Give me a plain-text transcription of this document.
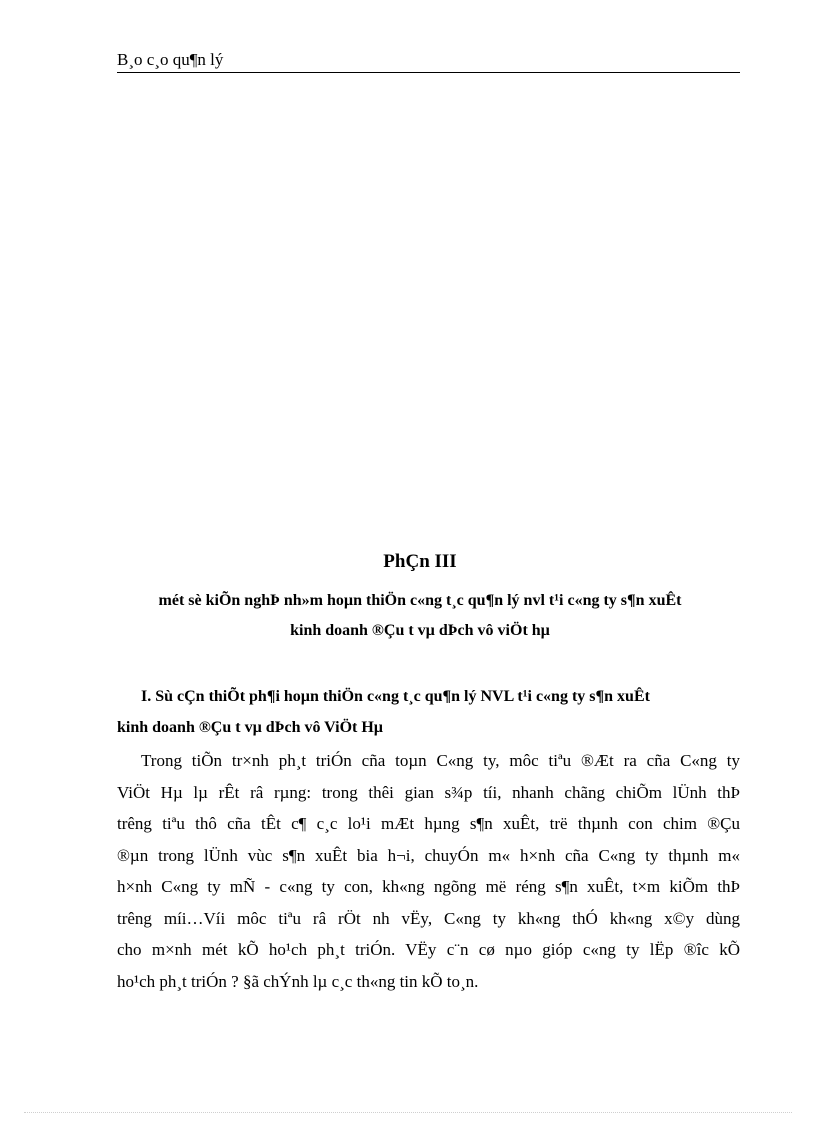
B¸o c¸o qu¶n lý
PhÇn III
mét sè kiÕn nghÞ nh»m hoµn thiÖn c«ng t¸c qu¶n lý nvl t¹i c«ng ty s¶n xuÊt
kinh doanh ®Çu t vµ dÞch vô viÖt hµ
I. Sù cÇn thiÕt ph¶i hoµn thiÖn c«ng t¸c qu¶n lý NVL t¹i c«ng ty s¶n xuÊt
kinh doanh ®Çu t vµ dÞch vô ViÖt Hµ
Trong tiÕn tr×nh ph¸t triÓn cña toµn C«ng ty, môc tiªu ®Æt ra cña C«ng ty
ViÖt Hµ lµ rÊt râ rµng: trong thêi gian s¾p tíi, nhanh chãng chiÕm lÜnh thÞ
trêng tiªu thô cña tÊt c¶ c¸c lo¹i mÆt hµng s¶n xuÊt, trë thµnh con chim ®Çu
®µn trong lÜnh vùc s¶n xuÊt bia h¬i, chuyÓn m« h×nh cña C«ng ty thµnh m«
h×nh C«ng ty mÑ - c«ng ty con, kh«ng ngõng më réng s¶n xuÊt, t×m kiÕm thÞ
trêng míi…Víi môc tiªu râ rÖt nh vËy, C«ng ty kh«ng thÓ kh«ng x©y dùng
cho m×nh mét kÕ ho¹ch ph¸t triÓn. VËy c¨n cø nµo gióp c«ng ty lËp ®îc kÕ
ho¹ch ph¸t triÓn ? §ã chÝnh lµ c¸c th«ng tin kÕ to¸n.
